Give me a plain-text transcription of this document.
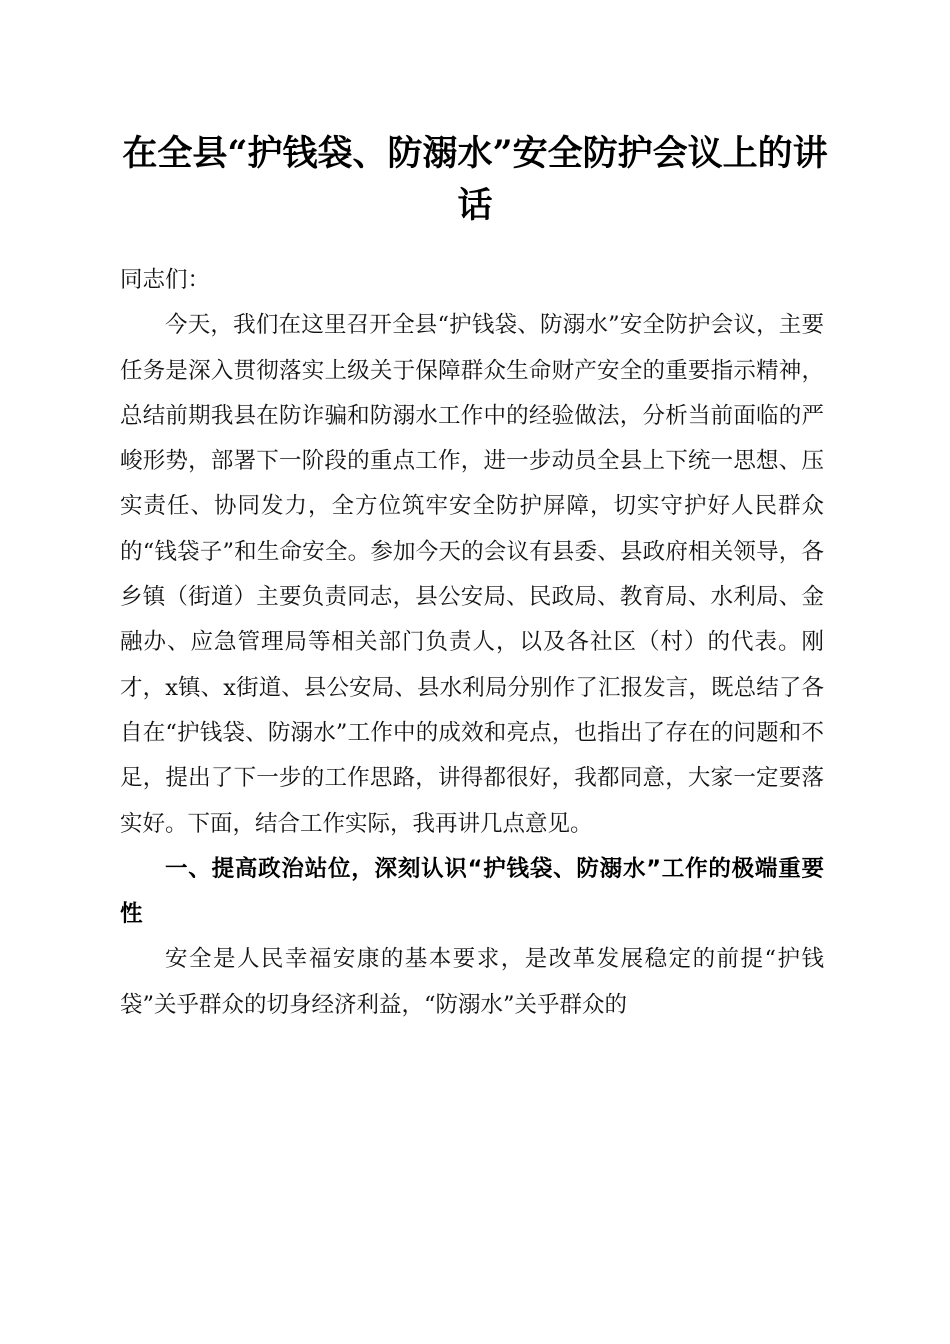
在全县“护钱袋、防溺水”安全防护会议上的讲话

同志们：

今天，我们在这里召开全县“护钱袋、防溺水”安全防护会议，主要任务是深入贯彻落实上级关于保障群众生命财产安全的重要指示精神，总结前期我县在防诈骗和防溺水工作中的经验做法，分析当前面临的严峻形势，部署下一阶段的重点工作，进一步动员全县上下统一思想、压实责任、协同发力，全方位筑牢安全防护屏障，切实守护好人民群众的“钱袋子”和生命安全。参加今天的会议有县委、县政府相关领导，各乡镇（街道）主要负责同志，县公安局、民政局、教育局、水利局、金融办、应急管理局等相关部门负责人，以及各社区（村）的代表。刚才，x镇、x街道、县公安局、县水利局分别作了汇报发言，既总结了各自在“护钱袋、防溺水”工作中的成效和亮点，也指出了存在的问题和不足，提出了下一步的工作思路，讲得都很好，我都同意，大家一定要落实好。下面，结合工作实际，我再讲几点意见。

一、提高政治站位，深刻认识“护钱袋、防溺水”工作的极端重要性

安全是人民幸福安康的基本要求，是改革发展稳定的前提“护钱袋”关乎群众的切身经济利益，“防溺水”关乎群众的
